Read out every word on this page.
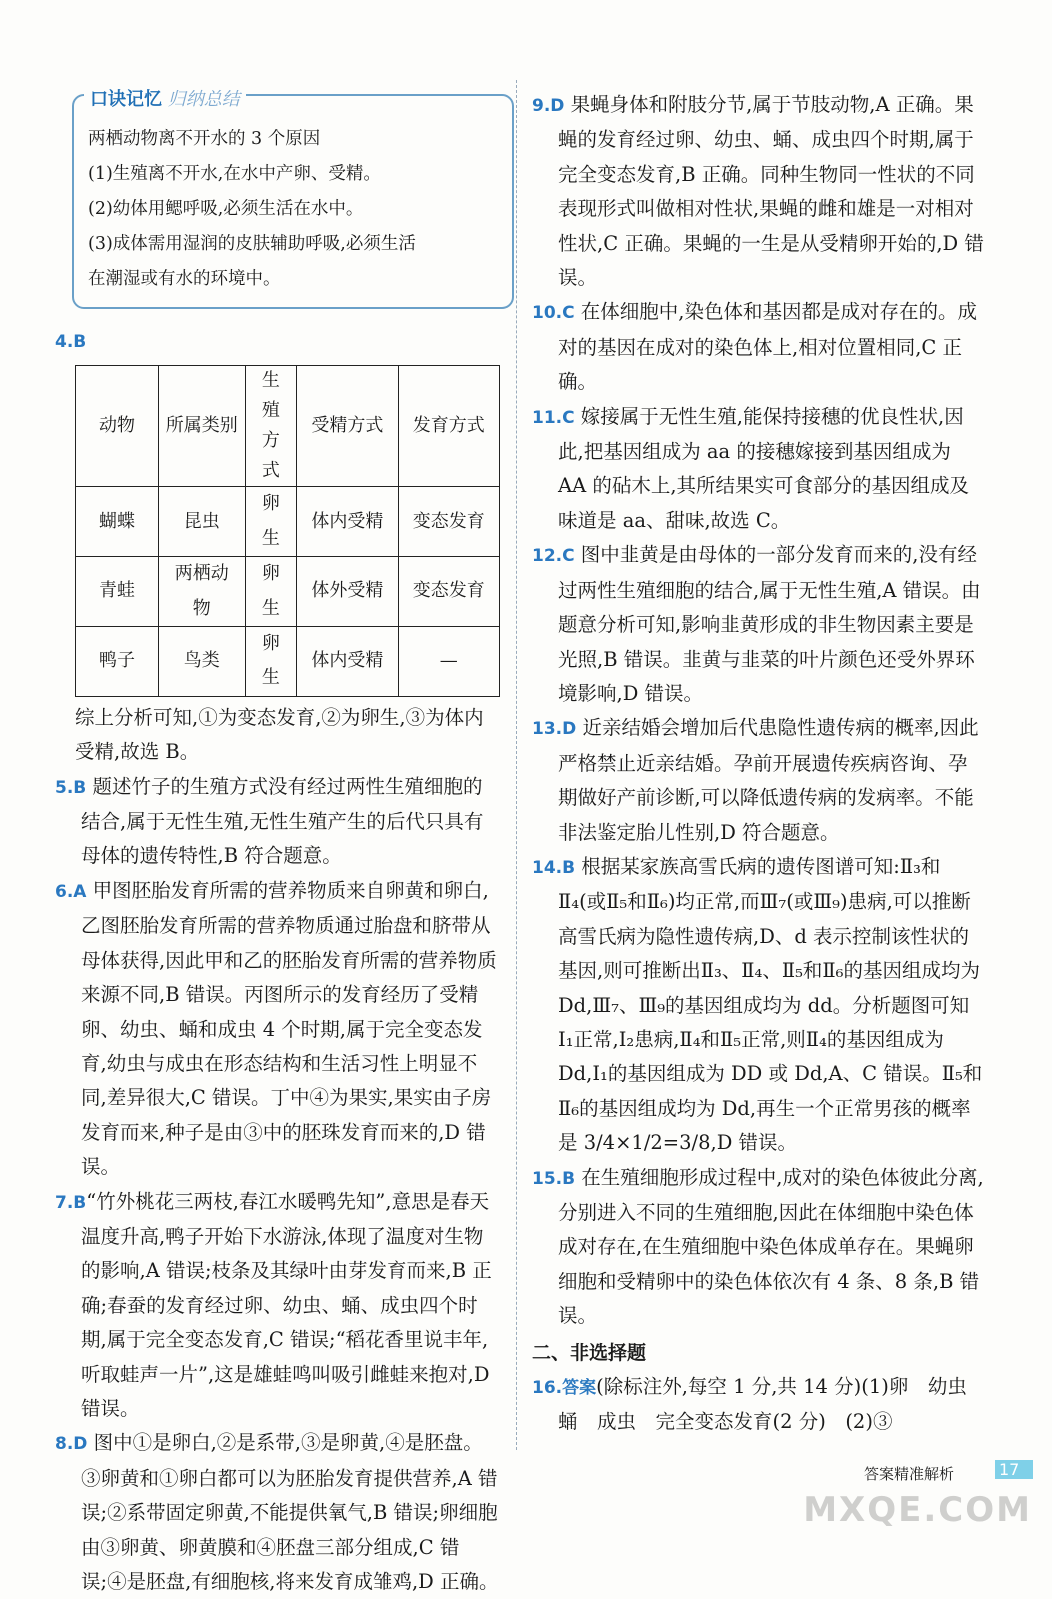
口诀记忆 归纳总结
两栖动物离不开水的 3 个原因
(1)生殖离不开水,在水中产卵、受精。
(2)幼体用鳃呼吸,必须生活在水中。
(3)成体需用湿润的皮肤辅助呼吸,必须生活
在潮湿或有水的环境中。
4.B
动物	所属类别	生殖方式	受精方式	发育方式
蝴蝶	昆虫	卵生	体内受精	变态发育
青蛙	两栖动物	卵生	体外受精	变态发育
鸭子	鸟类	卵生	体内受精	—

综上分析可知,①为变态发育,②为卵生,③为体内受精,故选 B。

5.B 题述竹子的生殖方式没有经过两性生殖细胞的结合,属于无性生殖,无性生殖产生的后代只具有母体的遗传特性,B 符合题意。

6.A 甲图胚胎发育所需的营养物质来自卵黄和卵白,乙图胚胎发育所需的营养物质通过胎盘和脐带从母体获得,因此甲和乙的胚胎发育所需的营养物质来源不同,B 错误。丙图所示的发育经历了受精卵、幼虫、蛹和成虫 4 个时期,属于完全变态发育,幼虫与成虫在形态结构和生活习性上明显不同,差异很大,C 错误。丁中④为果实,果实由子房发育而来,种子是由③中的胚珠发育而来的,D 错误。

7.B“竹外桃花三两枝,春江水暖鸭先知”,意思是春天温度升高,鸭子开始下水游泳,体现了温度对生物的影响,A 错误;枝条及其绿叶由芽发育而来,B 正确;春蚕的发育经过卵、幼虫、蛹、成虫四个时期,属于完全变态发育,C 错误;“稻花香里说丰年,听取蛙声一片”,这是雄蛙鸣叫吸引雌蛙来抱对,D 错误。

8.D 图中①是卵白,②是系带,③是卵黄,④是胚盘。③卵黄和①卵白都可以为胚胎发育提供营养,A 错误;②系带固定卵黄,不能提供氧气,B 错误;卵细胞由③卵黄、卵黄膜和④胚盘三部分组成,C 错误;④是胚盘,有细胞核,将来发育成雏鸡,D 正确。

9.D 果蝇身体和附肢分节,属于节肢动物,A 正确。果蝇的发育经过卵、幼虫、蛹、成虫四个时期,属于完全变态发育,B 正确。同种生物同一性状的不同表现形式叫做相对性状,果蝇的雌和雄是一对相对性状,C 正确。果蝇的一生是从受精卵开始的,D 错误。

10.C 在体细胞中,染色体和基因都是成对存在的。成对的基因在成对的染色体上,相对位置相同,C 正确。

11.C 嫁接属于无性生殖,能保持接穗的优良性状,因此,把基因组成为 aa 的接穗嫁接到基因组成为 AA 的砧木上,其所结果实可食部分的基因组成及味道是 aa、甜味,故选 C。

12.C 图中韭黄是由母体的一部分发育而来的,没有经过两性生殖细胞的结合,属于无性生殖,A 错误。由题意分析可知,影响韭黄形成的非生物因素主要是光照,B 错误。韭黄与韭菜的叶片颜色还受外界环境影响,D 错误。

13.D 近亲结婚会增加后代患隐性遗传病的概率,因此严格禁止近亲结婚。孕前开展遗传疾病咨询、孕期做好产前诊断,可以降低遗传病的发病率。不能非法鉴定胎儿性别,D 符合题意。

14.B 根据某家族高雪氏病的遗传图谱可知:Ⅱ₃和Ⅱ₄(或Ⅱ₅和Ⅱ₆)均正常,而Ⅲ₇(或Ⅲ₉)患病,可以推断高雪氏病为隐性遗传病,D、d 表示控制该性状的基因,则可推断出Ⅱ₃、Ⅱ₄、Ⅱ₅和Ⅱ₆的基因组成均为 Dd,Ⅲ₇、Ⅲ₉的基因组成均为 dd。分析题图可知Ⅰ₁正常,Ⅰ₂患病,Ⅱ₄和Ⅱ₅正常,则Ⅱ₄的基因组成为 Dd,Ⅰ₁的基因组成为 DD 或 Dd,A、C 错误。Ⅱ₅和Ⅱ₆的基因组成均为 Dd,再生一个正常男孩的概率是 3/4×1/2=3/8,D 错误。

15.B 在生殖细胞形成过程中,成对的染色体彼此分离,分别进入不同的生殖细胞,因此在体细胞中染色体成对存在,在生殖细胞中染色体成单存在。果蝇卵细胞和受精卵中的染色体依次有 4 条、8 条,B 错误。

二、非选择题

16.答案(除标注外,每空 1 分,共 14 分)(1)卵　幼虫　蛹　成虫　完全变态发育(2 分)　(2)③

答案精准解析	17
MXQE.COM
